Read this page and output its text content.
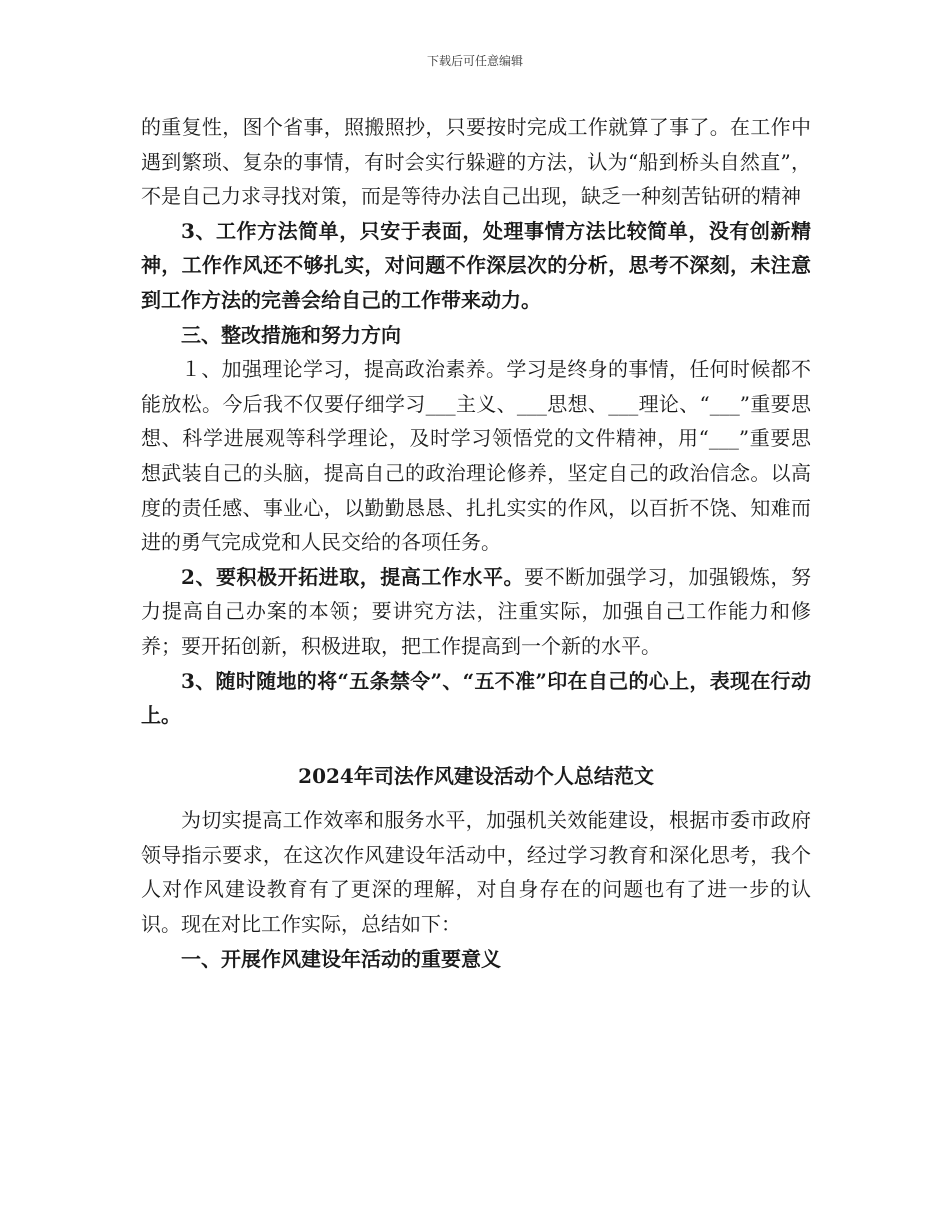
下载后可任意编辑

的重复性，图个省事，照搬照抄，只要按时完成工作就算了事了。在工作中遇到繁琐、复杂的事情，有时会实行躲避的方法，认为“船到桥头自然直”，不是自己力求寻找对策，而是等待办法自己出现，缺乏一种刻苦钻研的精神

3、工作方法简单，只安于表面，处理事情方法比较简单，没有创新精神，工作作风还不够扎实，对问题不作深层次的分析，思考不深刻，未注意到工作方法的完善会给自己的工作带来动力。

三、整改措施和努力方向

１、加强理论学习，提高政治素养。学习是终身的事情，任何时候都不能放松。今后我不仅要仔细学习___主义、___思想、___理论、“___”重要思想、科学进展观等科学理论，及时学习领悟党的文件精神，用“___”重要思想武装自己的头脑，提高自己的政治理论修养，坚定自己的政治信念。以高度的责任感、事业心，以勤勤恳恳、扎扎实实的作风，以百折不饶、知难而进的勇气完成党和人民交给的各项任务。

2、要积极开拓进取，提高工作水平。要不断加强学习，加强锻炼，努力提高自己办案的本领；要讲究方法，注重实际，加强自己工作能力和修养；要开拓创新，积极进取，把工作提高到一个新的水平。

3、随时随地的将“五条禁令”、“五不准”印在自己的心上，表现在行动上。

2024年司法作风建设活动个人总结范文

为切实提高工作效率和服务水平，加强机关效能建设，根据市委市政府领导指示要求，在这次作风建设年活动中，经过学习教育和深化思考，我个人对作风建设教育有了更深的理解，对自身存在的问题也有了进一步的认识。现在对比工作实际，总结如下：

一、开展作风建设年活动的重要意义
